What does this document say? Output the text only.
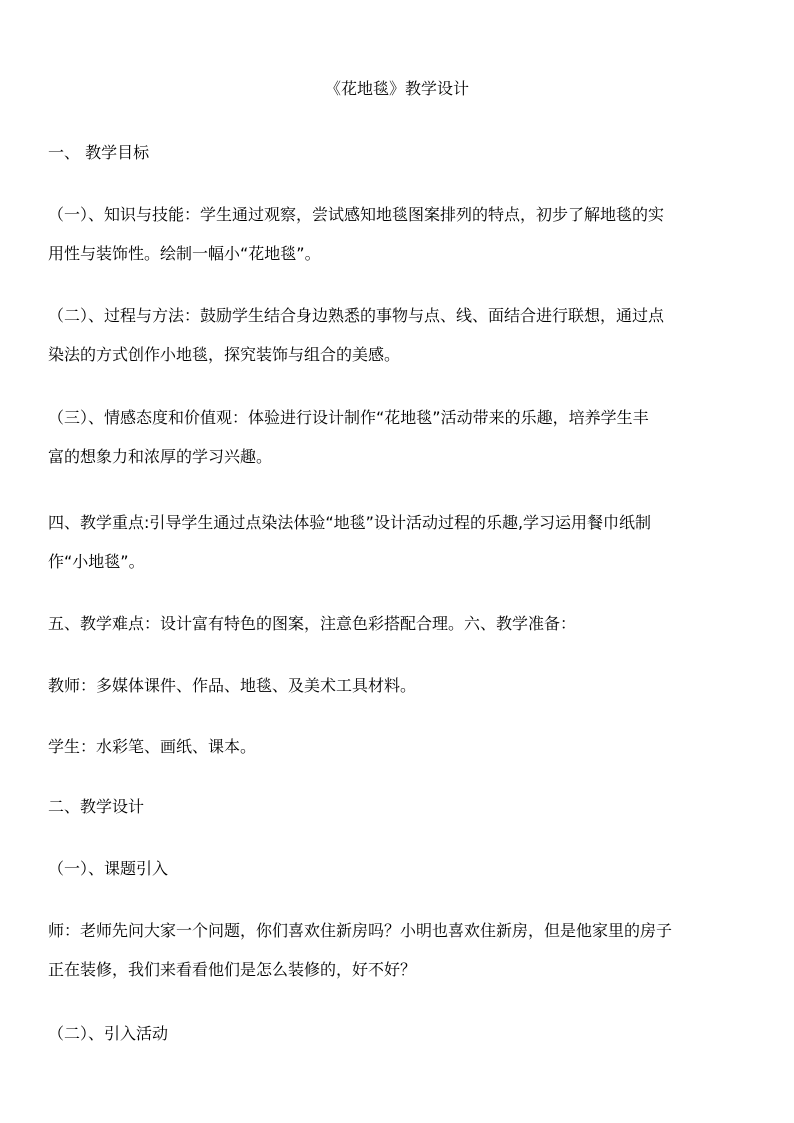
《花地毯》教学设计
一、 教学目标
（一）、知识与技能：学生通过观察，尝试感知地毯图案排列的特点，初步了解地毯的实
用性与装饰性。绘制一幅小“花地毯”。
（二）、过程与方法：鼓励学生结合身边熟悉的事物与点、线、面结合进行联想，通过点
染法的方式创作小地毯，探究装饰与组合的美感。
（三）、情感态度和价值观：体验进行设计制作“花地毯”活动带来的乐趣，培养学生丰
富的想象力和浓厚的学习兴趣。
四、教学重点:引导学生通过点染法体验“地毯”设计活动过程的乐趣,学习运用餐巾纸制
作“小地毯”。
五、教学难点：设计富有特色的图案，注意色彩搭配合理。六、教学准备：
教师：多媒体课件、作品、地毯、及美术工具材料。
学生：水彩笔、画纸、课本。
二、教学设计
（一）、课题引入
师：老师先问大家一个问题，你们喜欢住新房吗？小明也喜欢住新房，但是他家里的房子
正在装修，我们来看看他们是怎么装修的，好不好？
（二）、引入活动
